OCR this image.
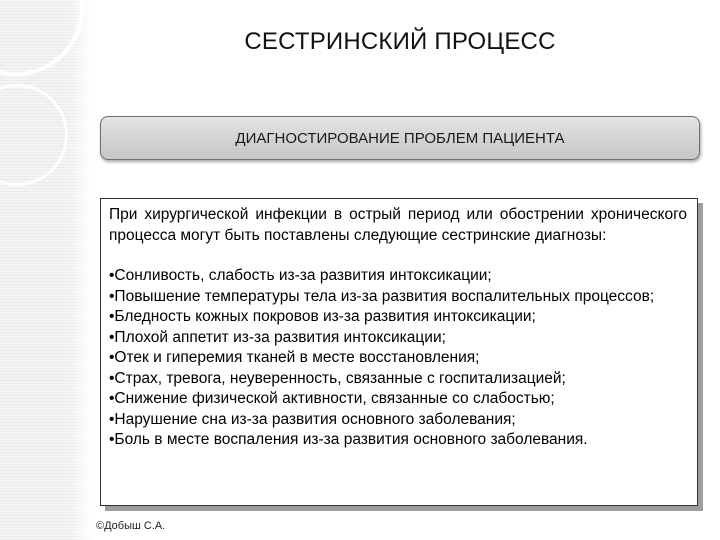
СЕСТРИНСКИЙ ПРОЦЕСС
ДИАГНОСТИРОВАНИЕ ПРОБЛЕМ ПАЦИЕНТА

При хирургической инфекции в острый период или обострении хронического процесса могут быть поставлены следующие сестринские диагнозы:

•Сонливость, слабость из-за развития интоксикации;
•Повышение температуры тела из-за развития воспалительных процессов;
•Бледность кожных покровов из-за развития интоксикации;
•Плохой аппетит из-за развития интоксикации;
•Отек и гиперемия тканей в месте восстановления;
•Страх, тревога, неуверенность, связанные с госпитализацией;
•Снижение физической активности, связанные со слабостью;
•Нарушение сна из-за развития основного заболевания;
•Боль в месте воспаления из-за развития основного заболевания.
©Добыш С.А.
